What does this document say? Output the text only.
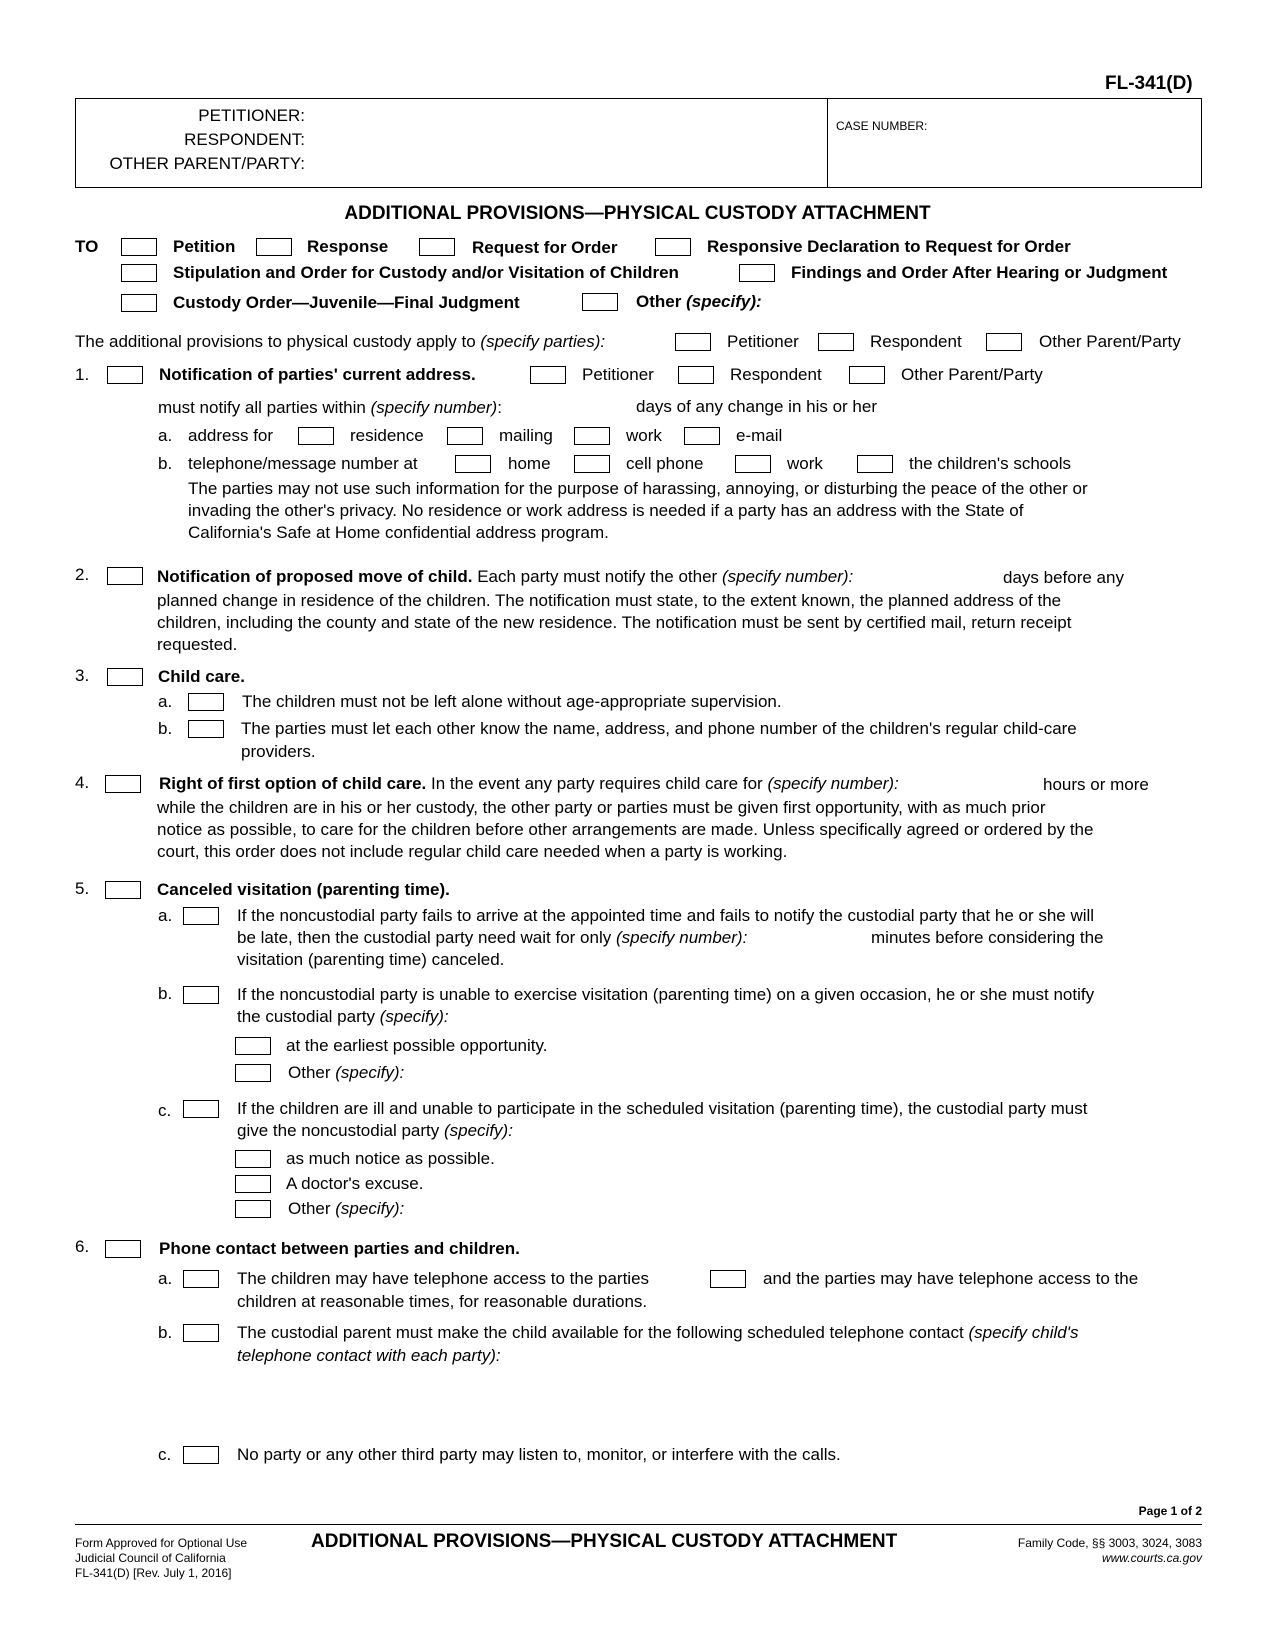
FL-341(D)
PETITIONER:
RESPONDENT:
OTHER PARENT/PARTY:
CASE NUMBER:
ADDITIONAL PROVISIONS—PHYSICAL CUSTODY ATTACHMENT
TO	Petition	Response	Request for Order	Responsive Declaration to Request for Order
Stipulation and Order for Custody and/or Visitation of Children	Findings and Order After Hearing or Judgment
Custody Order—Juvenile—Final Judgment	Other (specify):
The additional provisions to physical custody apply to (specify parties):	Petitioner	Respondent	Other Parent/Party
1.	Notification of parties' current address.	Petitioner	Respondent	Other Parent/Party
must notify all parties within (specify number):	days of any change in his or her
a. address for	residence	mailing	work	e-mail
b. telephone/message number at	home	cell phone	work	the children's schools
The parties may not use such information for the purpose of harassing, annoying, or disturbing the peace of the other or
invading the other's privacy. No residence or work address is needed if a party has an address with the State of
California's Safe at Home confidential address program.
2.	Notification of proposed move of child. Each party must notify the other (specify number):	days before any
planned change in residence of the children. The notification must state, to the extent known, the planned address of the
children, including the county and state of the new residence. The notification must be sent by certified mail, return receipt
requested.
3.	Child care.
a.	The children must not be left alone without age-appropriate supervision.
b.	The parties must let each other know the name, address, and phone number of the children's regular child-care
providers.
4.	Right of first option of child care. In the event any party requires child care for (specify number):	hours or more
while the children are in his or her custody, the other party or parties must be given first opportunity, with as much prior
notice as possible, to care for the children before other arrangements are made. Unless specifically agreed or ordered by the
court, this order does not include regular child care needed when a party is working.
5.	Canceled visitation (parenting time).
a.	If the noncustodial party fails to arrive at the appointed time and fails to notify the custodial party that he or she will
be late, then the custodial party need wait for only (specify number):	minutes before considering the
visitation (parenting time) canceled.
b.	If the noncustodial party is unable to exercise visitation (parenting time) on a given occasion, he or she must notify
the custodial party (specify):
at the earliest possible opportunity.
Other (specify):
c.	If the children are ill and unable to participate in the scheduled visitation (parenting time), the custodial party must
give the noncustodial party (specify):
as much notice as possible.
A doctor's excuse.
Other (specify):
6.	Phone contact between parties and children.
a.	The children may have telephone access to the parties	and the parties may have telephone access to the
children at reasonable times, for reasonable durations.
b.	The custodial parent must make the child available for the following scheduled telephone contact (specify child's
telephone contact with each party):
c.	No party or any other third party may listen to, monitor, or interfere with the calls.
Page 1 of 2
Form Approved for Optional Use
Judicial Council of California
FL-341(D) [Rev. July 1, 2016]
ADDITIONAL PROVISIONS—PHYSICAL CUSTODY ATTACHMENT	Family Code, §§ 3003, 3024, 3083
www.courts.ca.gov
